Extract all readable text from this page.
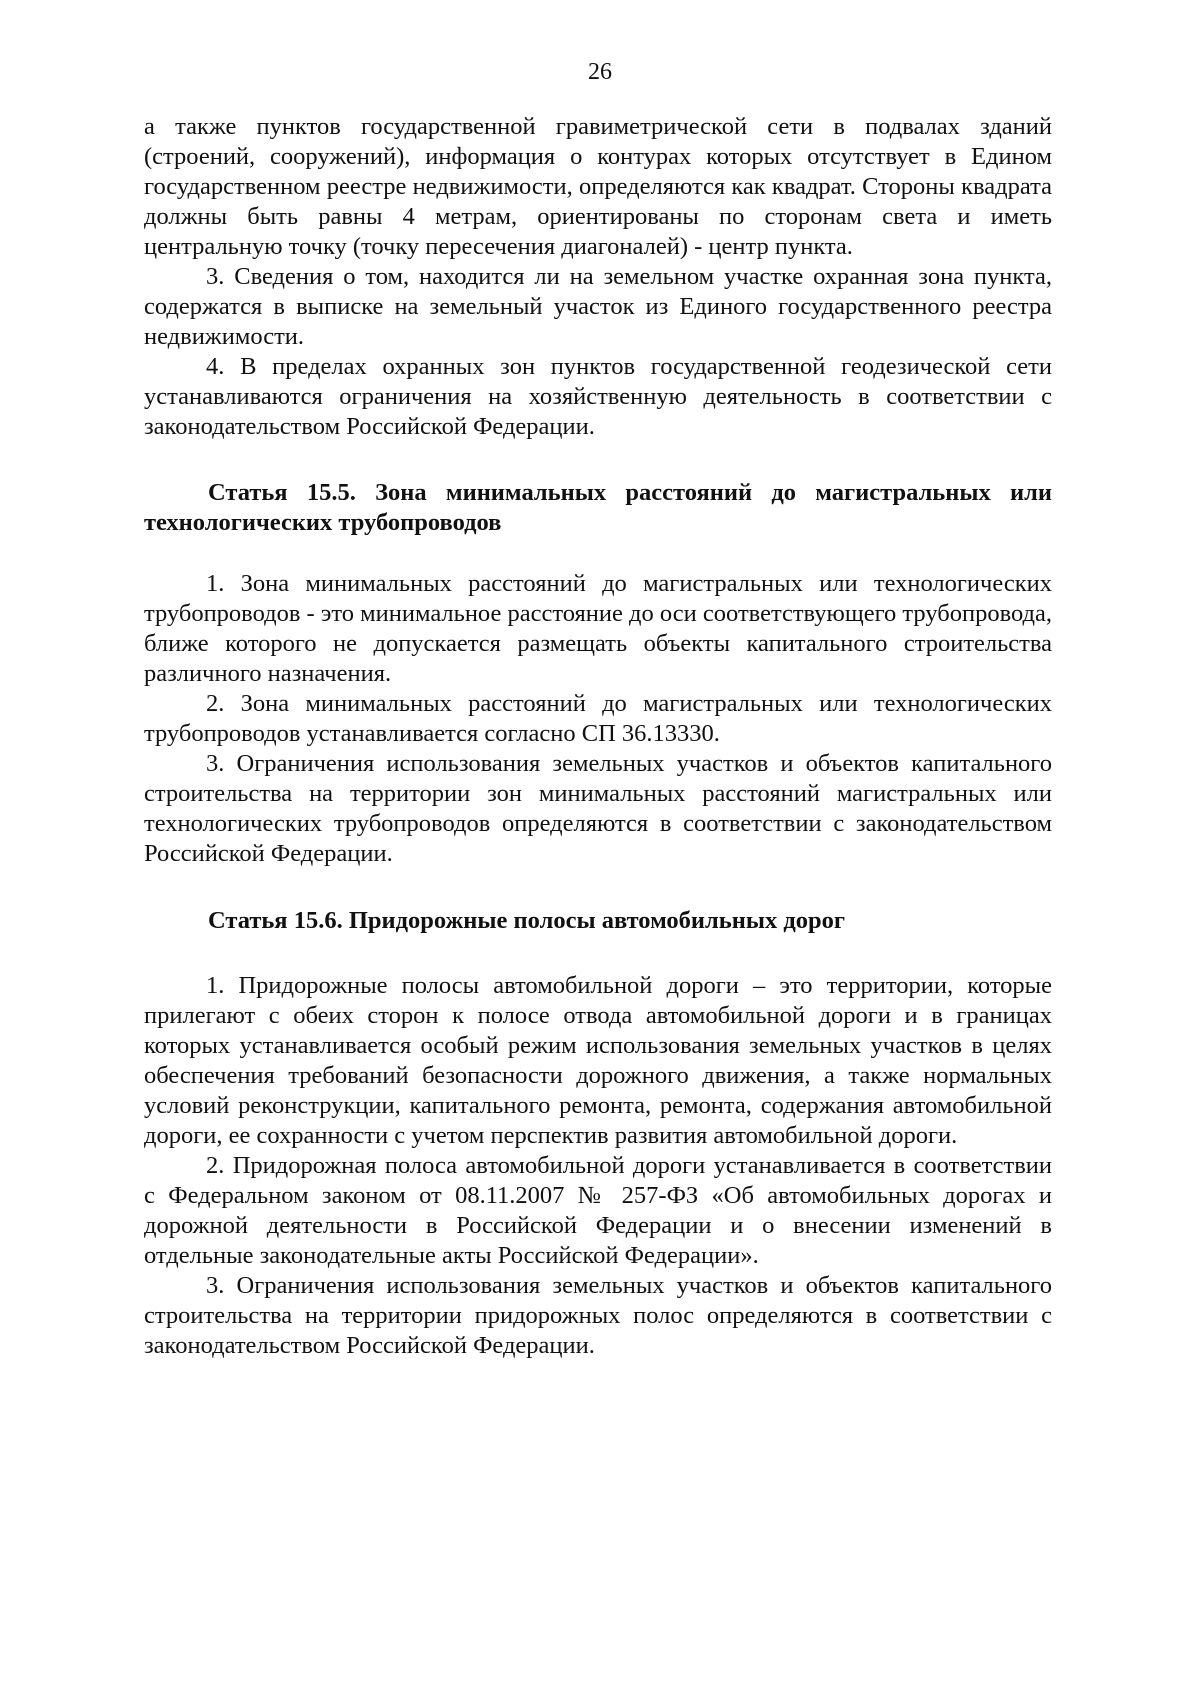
26

а также пунктов государственной гравиметрической сети в подвалах зданий (строений, сооружений), информация о контурах которых отсутствует в Едином государственном реестре недвижимости, определяются как квадрат. Стороны квадрата должны быть равны 4 метрам, ориентированы по сторонам света и иметь центральную точку (точку пересечения диагоналей) - центр пункта.

3. Сведения о том, находится ли на земельном участке охранная зона пункта, содержатся в выписке на земельный участок из Единого государственного реестра недвижимости.

4. В пределах охранных зон пунктов государственной геодезической сети устанавливаются ограничения на хозяйственную деятельность в соответствии с законодательством Российской Федерации.

Статья 15.5. Зона минимальных расстояний до магистральных или технологических трубопроводов

1. Зона минимальных расстояний до магистральных или технологических трубопроводов - это минимальное расстояние до оси соответствующего трубопровода, ближе которого не допускается размещать объекты капитального строительства различного назначения.

2. Зона минимальных расстояний до магистральных или технологических трубопроводов устанавливается согласно СП 36.13330.

3. Ограничения использования земельных участков и объектов капитального строительства на территории зон минимальных расстояний магистральных или технологических трубопроводов определяются в соответствии с законодательством Российской Федерации.

Статья 15.6. Придорожные полосы автомобильных дорог

1. Придорожные полосы автомобильной дороги – это территории, которые прилегают с обеих сторон к полосе отвода автомобильной дороги и в границах которых устанавливается особый режим использования земельных участков в целях обеспечения требований безопасности дорожного движения, а также нормальных условий реконструкции, капитального ремонта, ремонта, содержания автомобильной дороги, ее сохранности с учетом перспектив развития автомобильной дороги.

2. Придорожная полоса автомобильной дороги устанавливается в соответствии с Федеральном законом от 08.11.2007 № 257-ФЗ «Об автомобильных дорогах и дорожной деятельности в Российской Федерации и о внесении изменений в отдельные законодательные акты Российской Федерации».

3. Ограничения использования земельных участков и объектов капитального строительства на территории придорожных полос определяются в соответствии с законодательством Российской Федерации.
